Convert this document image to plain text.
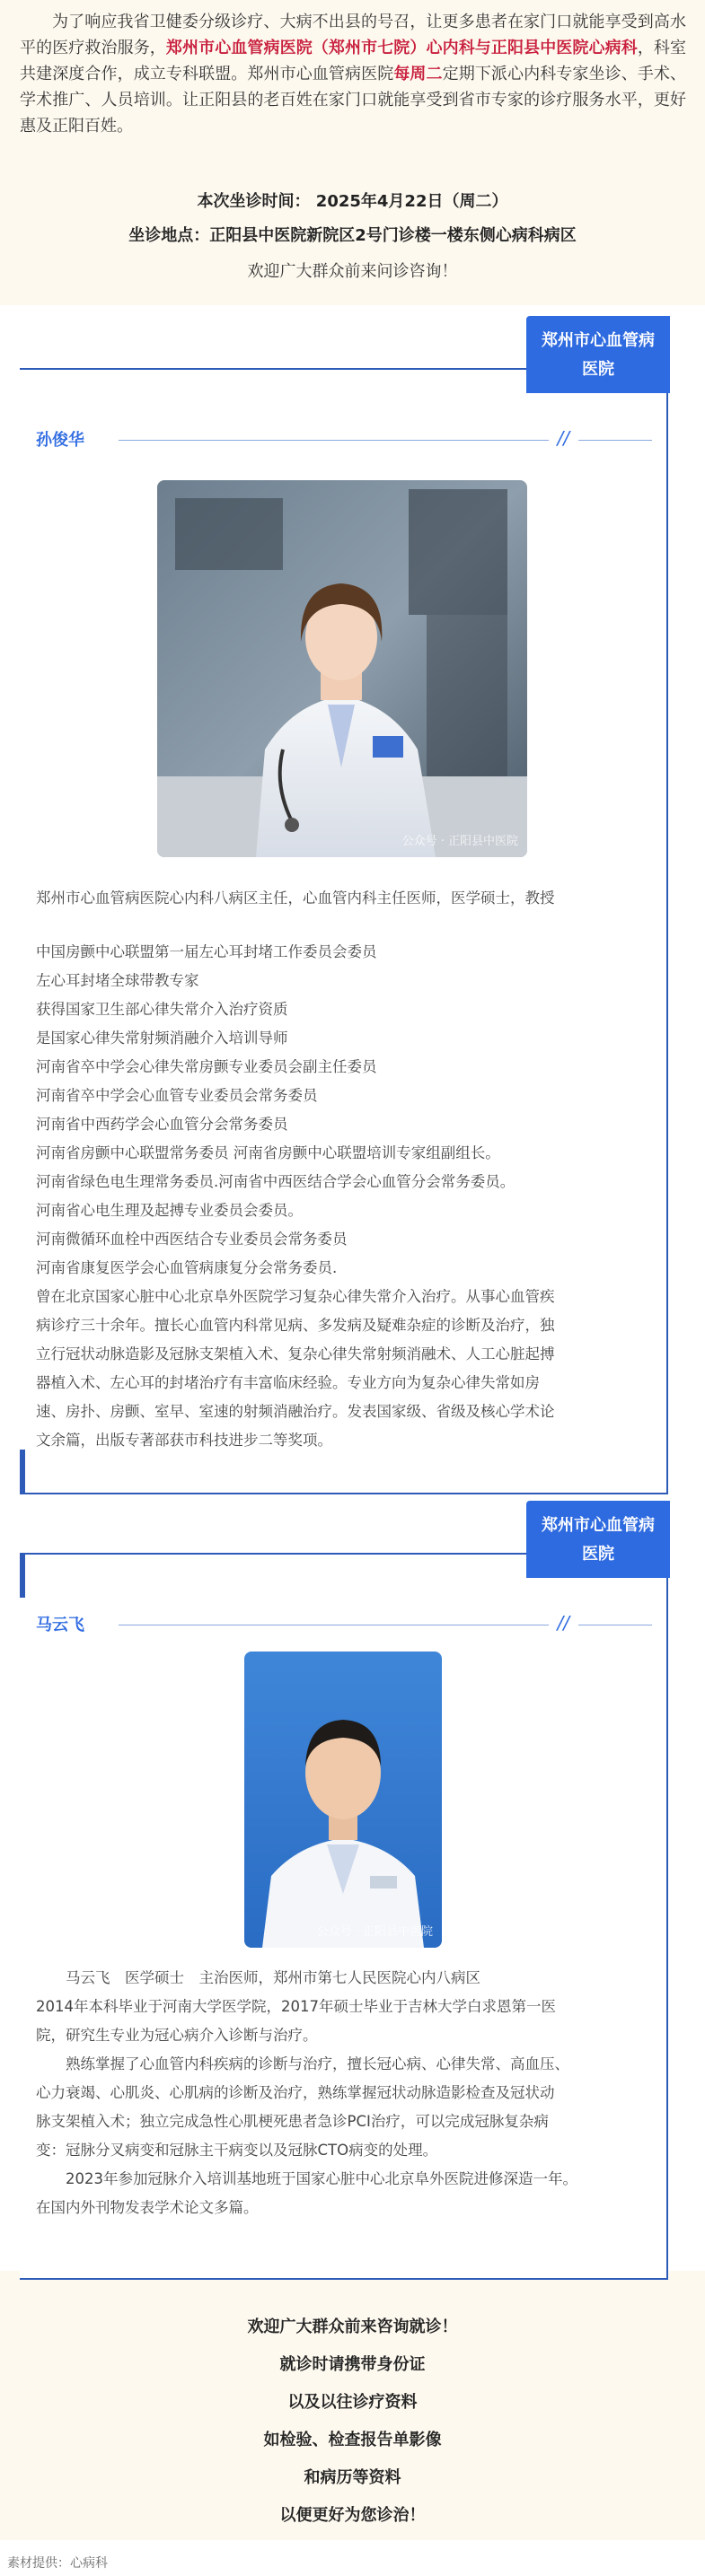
为了响应我省卫健委分级诊疗、大病不出县的号召，让更多患者在家门口就能享受到高水平的医疗救治服务，郑州市心血管病医院（郑州市七院）心内科与正阳县中医院心病科，科室共建深度合作，成立专科联盟。郑州市心血管病医院每周二定期下派心内科专家坐诊、手术、学术推广、人员培训。让正阳县的老百姓在家门口就能享受到省市专家的诊疗服务水平，更好惠及正阳百姓。
本次坐诊时间： 2025年4月22日（周二）
坐诊地点：正阳县中医院新院区2号门诊楼一楼东侧心病科病区
欢迎广大群众前来问诊咨询！
郑州市心血管病
医院
孙俊华	//
公众号 · 正阳县中医院

郑州市心血管病医院心内科八病区主任，心血管内科主任医师，医学硕士，教授

中国房颤中心联盟第一届左心耳封堵工作委员会委员

左心耳封堵全球带教专家

获得国家卫生部心律失常介入治疗资质

是国家心律失常射频消融介入培训导师

河南省卒中学会心律失常房颤专业委员会副主任委员

河南省卒中学会心血管专业委员会常务委员

河南省中西药学会心血管分会常务委员

河南省房颤中心联盟常务委员 河南省房颤中心联盟培训专家组副组长。

河南省绿色电生理常务委员.河南省中西医结合学会心血管分会常务委员。

河南省心电生理及起搏专业委员会委员。

河南微循环血栓中西医结合专业委员会常务委员

河南省康复医学会心血管病康复分会常务委员.

曾在北京国家心脏中心北京阜外医院学习复杂心律失常介入治疗。从事心血管疾

病诊疗三十余年。擅长心血管内科常见病、多发病及疑难杂症的诊断及治疗，独

立行冠状动脉造影及冠脉支架植入术、复杂心律失常射频消融术、人工心脏起搏

器植入术、左心耳的封堵治疗有丰富临床经验。专业方向为复杂心律失常如房

速、房扑、房颤、室早、室速的射频消融治疗。发表国家级、省级及核心学术论

文余篇，出版专著部获市科技进步二等奖项。

郑州市心血管病
医院
马云飞	//
公众号 · 正阳县中医院

　　马云飞　医学硕士　主治医师，郑州市第七人民医院心内八病区

2014年本科毕业于河南大学医学院，2017年硕士毕业于吉林大学白求恩第一医

院，研究生专业为冠心病介入诊断与治疗。

　　熟练掌握了心血管内科疾病的诊断与治疗，擅长冠心病、心律失常、高血压、

心力衰竭、心肌炎、心肌病的诊断及治疗，熟练掌握冠状动脉造影检查及冠状动

脉支架植入术；独立完成急性心肌梗死患者急诊PCI治疗，可以完成冠脉复杂病

变：冠脉分叉病变和冠脉主干病变以及冠脉CTO病变的处理。

　　2023年参加冠脉介入培训基地班于国家心脏中心北京阜外医院进修深造一年。

在国内外刊物发表学术论文多篇。

欢迎广大群众前来咨询就诊！
就诊时请携带身份证
以及以往诊疗资料
如检验、检查报告单影像
和病历等资料
以便更好为您诊治！
素材提供：心病科
